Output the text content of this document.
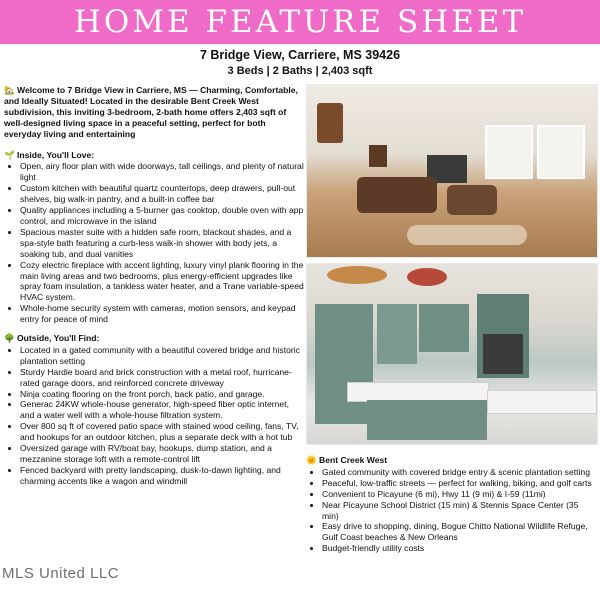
HOME FEATURE SHEET
7 Bridge View, Carriere, MS 39426
3 Beds | 2 Baths | 2,403 sqft

🏡 Welcome to 7 Bridge View in Carriere, MS — Charming, Comfortable, and Ideally Situated! Located in the desirable Bent Creek West subdivision, this inviting 3-bedroom, 2-bath home offers 2,403 sqft of well-designed living space in a peaceful setting, perfect for both everyday living and entertaining

🌱 Inside, You'll Love:
• Open, airy floor plan with wide doorways, tall ceilings, and plenty of natural light
• Custom kitchen with beautiful quartz countertops, deep drawers, pull-out shelves, big walk-in pantry, and a built-in coffee bar
• Quality appliances including a 5-burner gas cooktop, double oven with app control, and microwave in the island
• Spacious master suite with a hidden safe room, blackout shades, and a spa-style bath featuring a curb-less walk-in shower with body jets, a soaking tub, and dual vanities
• Cozy electric fireplace with accent lighting, luxury vinyl plank flooring in the main living areas and two bedrooms, plus energy-efficient upgrades like spray foam insulation, a tankless water heater, and a Trane variable-speed HVAC system.
• Whole-home security system with cameras, motion sensors, and keypad entry for peace of mind
🌳 Outside, You'll Find:
• Located in a gated community with a beautiful covered bridge and historic plantation setting
• Sturdy Hardie board and brick construction with a metal roof, hurricane-rated garage doors, and reinforced concrete driveway
• Ninja coating flooring on the front porch, back patio, and garage.
• Generac 24KW whole-house generator, high-speed fiber optic internet, and a water well with a whole-house filtration system.
• Over 800 sq ft of covered patio space with stained wood ceiling, fans, TV, and hookups for an outdoor kitchen, plus a separate deck with a hot tub
• Oversized garage with RV/boat bay, hookups, dump station, and a mezzanine storage loft with a remote-control lift
• Fenced backyard with pretty landscaping, dusk-to-dawn lighting, and charming accents like a wagon and windmill
🌞 Bent Creek West
• Gated community with covered bridge entry & scenic plantation setting
• Peaceful, low-traffic streets — perfect for walking, biking, and golf carts
• Convenient to Picayune (6 mi), Hwy 11 (9 mi) & I-59 (11mi)
• Near Picayune School District (15 min) & Stennis Space Center (35 min)
• Easy drive to shopping, dining, Bogue Chitto National Wildlife Refuge, Gulf Coast beaches & New Orleans
• Budget-friendly utility costs
MLS United LLC
